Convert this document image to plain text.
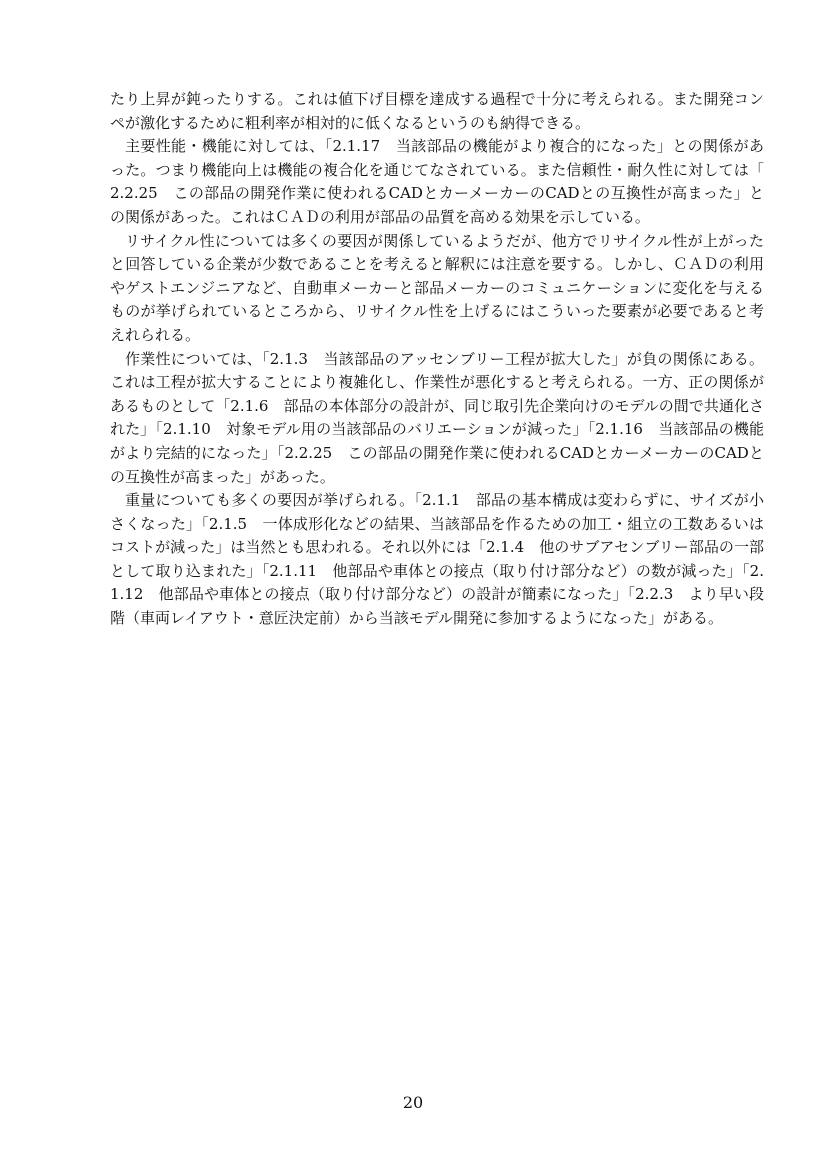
たり上昇が鈍ったりする。これは値下げ目標を達成する過程で十分に考えられる。また開発コンペが激化するために粗利率が相対的に低くなるというのも納得できる。

主要性能・機能に対しては、「2.1.17　当該部品の機能がより複合的になった」との関係があった。つまり機能向上は機能の複合化を通じてなされている。また信頼性・耐久性に対しては「2.2.25　この部品の開発作業に使われるCADとカーメーカーのCADとの互換性が高まった」との関係があった。これはＣＡＤの利用が部品の品質を高める効果を示している。

リサイクル性については多くの要因が関係しているようだが、他方でリサイクル性が上がったと回答している企業が少数であることを考えると解釈には注意を要する。しかし、ＣＡＤの利用やゲストエンジニアなど、自動車メーカーと部品メーカーのコミュニケーションに変化を与えるものが挙げられているところから、リサイクル性を上げるにはこういった要素が必要であると考えれられる。

作業性については、「2.1.3　当該部品のアッセンブリー工程が拡大した」が負の関係にある。これは工程が拡大することにより複雑化し、作業性が悪化すると考えられる。一方、正の関係があるものとして「2.1.6　部品の本体部分の設計が、同じ取引先企業向けのモデルの間で共通化された」「2.1.10　対象モデル用の当該部品のバリエーションが減った」「2.1.16　当該部品の機能がより完結的になった」「2.2.25　この部品の開発作業に使われるCADとカーメーカーのCADとの互換性が高まった」があった。

重量についても多くの要因が挙げられる。「2.1.1　部品の基本構成は変わらずに、サイズが小さくなった」「2.1.5　一体成形化などの結果、当該部品を作るための加工・組立の工数あるいはコストが減った」は当然とも思われる。それ以外には「2.1.4　他のサブアセンブリー部品の一部として取り込まれた」「2.1.11　他部品や車体との接点（取り付け部分など）の数が減った」「2.1.12　他部品や車体との接点（取り付け部分など）の設計が簡素になった」「2.2.3　より早い段階（車両レイアウト・意匠決定前）から当該モデル開発に参加するようになった」がある。

20
